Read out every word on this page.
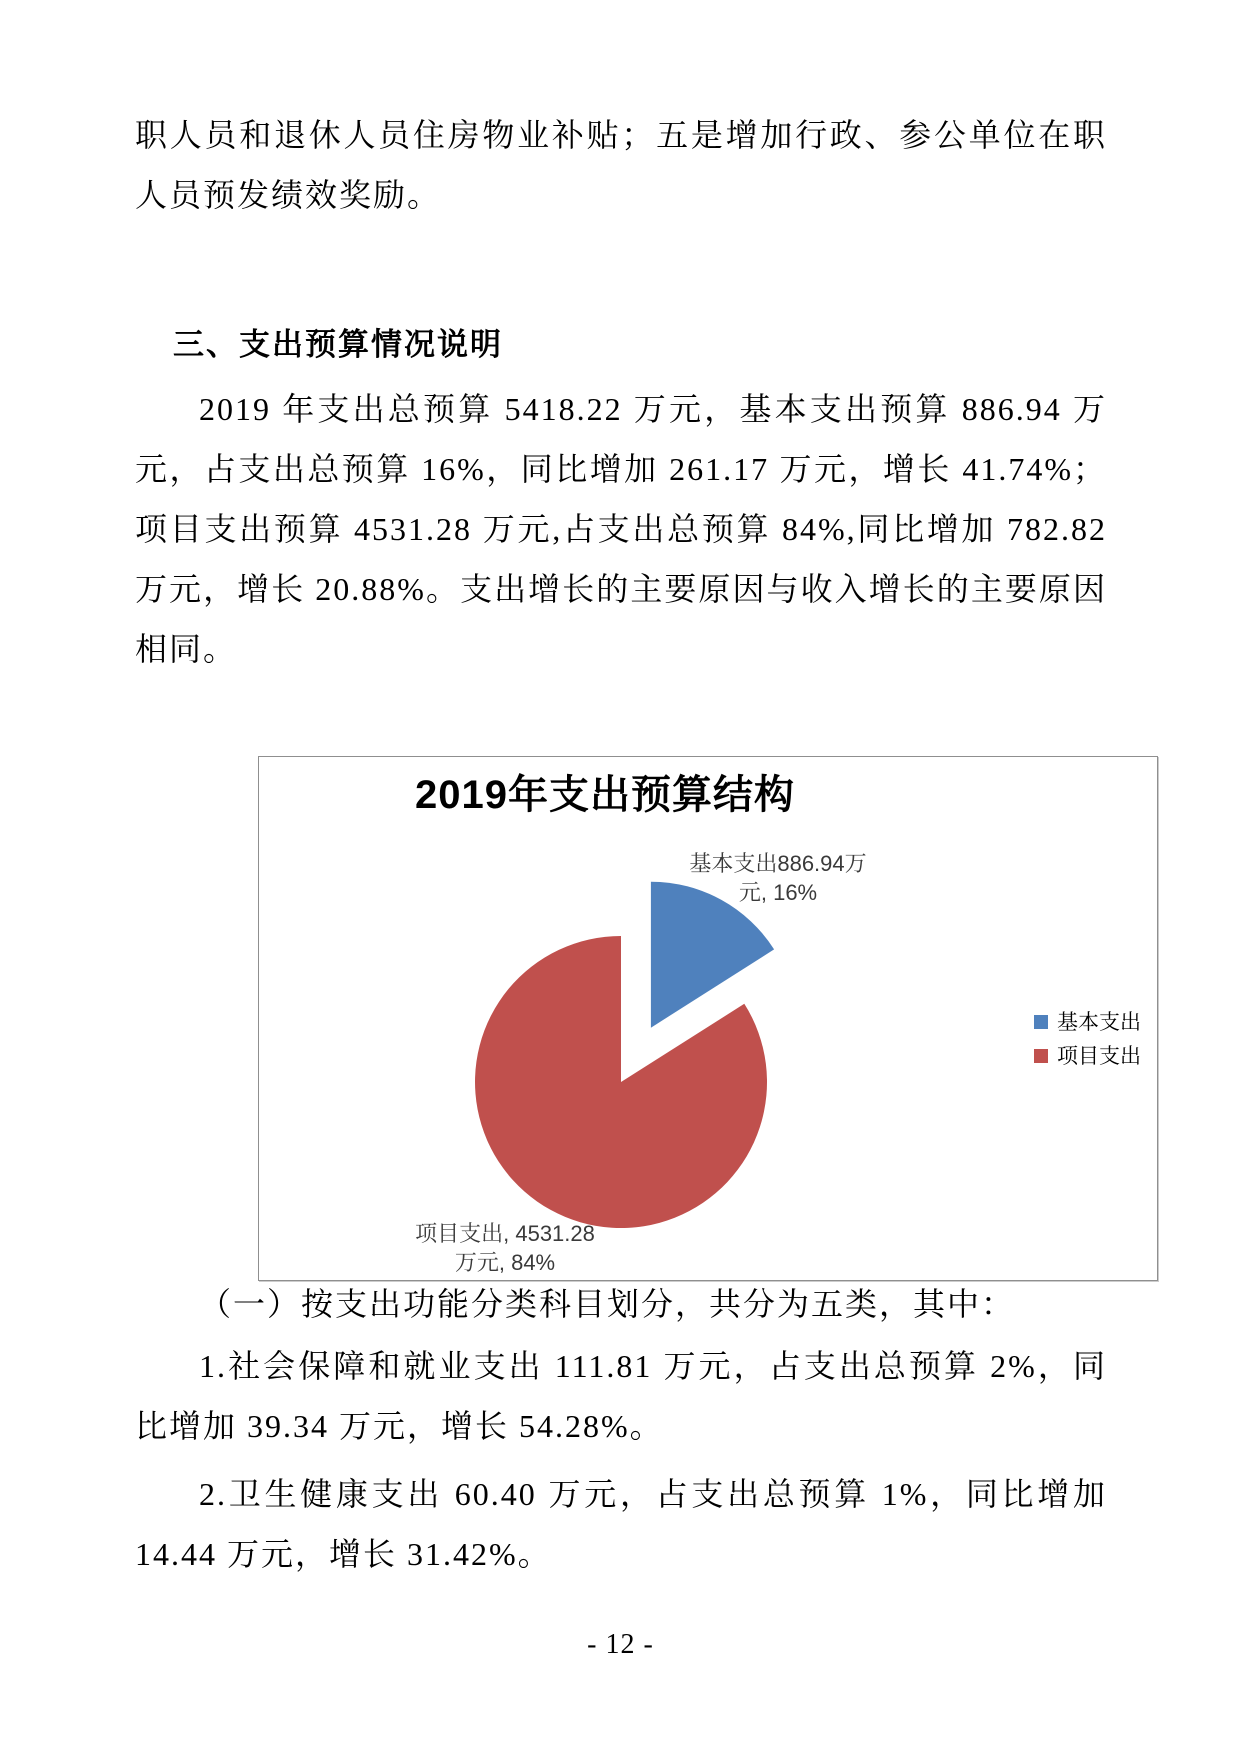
职人员和退休人员住房物业补贴；五是增加行政、参公单位在职人员预发绩效奖励。

三、支出预算情况说明

2019 年支出总预算 5418.22 万元，基本支出预算 886.94 万元，占支出总预算 16%，同比增加 261.17 万元，增长 41.74%；项目支出预算 4531.28 万元,占支出总预算 84%,同比增加 782.82 万元，增长 20.88%。支出增长的主要原因与收入增长的主要原因相同。

2019年支出预算结构
基本支出886.94万
元, 16%
项目支出, 4531.28
万元, 84%
基本支出
项目支出

（一）按支出功能分类科目划分，共分为五类，其中：

1.社会保障和就业支出 111.81 万元，占支出总预算 2%，同比增加 39.34 万元，增长 54.28%。

2.卫生健康支出 60.40 万元，占支出总预算 1%，同比增加 14.44 万元，增长 31.42%。

- 12 -
